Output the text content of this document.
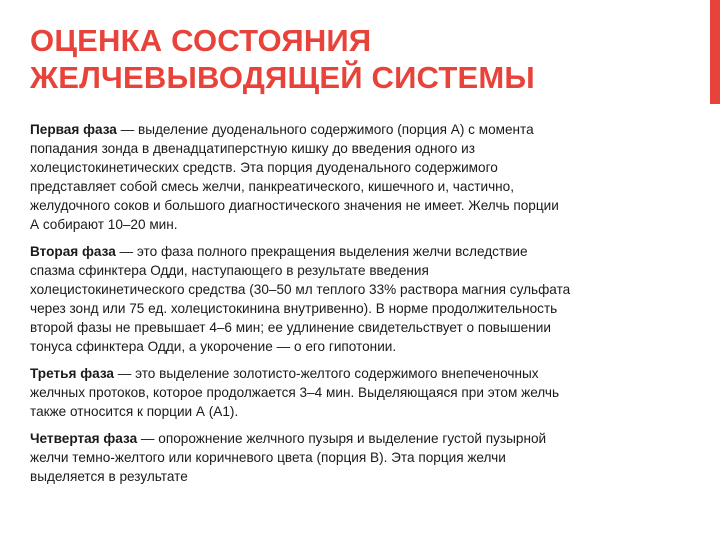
ОЦЕНКА СОСТОЯНИЯ
ЖЕЛЧЕВЫВОДЯЩЕЙ СИСТЕМЫ

Первая фаза — выделение дуоденального содержимого (порция А) с момента
попадания зонда в двенадцатиперстную кишку до введения одного из
холецистокинетических средств. Эта порция дуоденального содержимого
представляет собой смесь желчи, панкреатического, кишечного и, частично,
желудочного соков и большого диагностического значения не имеет. Желчь порции
А собирают 10–20 мин.

Вторая фаза — это фаза полного прекращения выделения желчи вследствие
спазма сфинктера Одди, наступающего в результате введения
холецистокинетического средства (30–50 мл теплого 33% раствора магния сульфата
через зонд или 75 ед. холецистокинина внутривенно). В норме продолжительность
второй фазы не превышает 4–6 мин; ее удлинение свидетельствует о повышении
тонуса сфинктера Одди, а укорочение — о его гипотонии.

Третья фаза — это выделение золотисто-желтого содержимого внепеченочных
желчных протоков, которое продолжается 3–4 мин. Выделяющаяся при этом желчь
также относится к порции А (А1).

Четвертая фаза — опорожнение желчного пузыря и выделение густой пузырной
желчи темно-желтого или коричневого цвета (порция В). Эта порция желчи
выделяется в результате
